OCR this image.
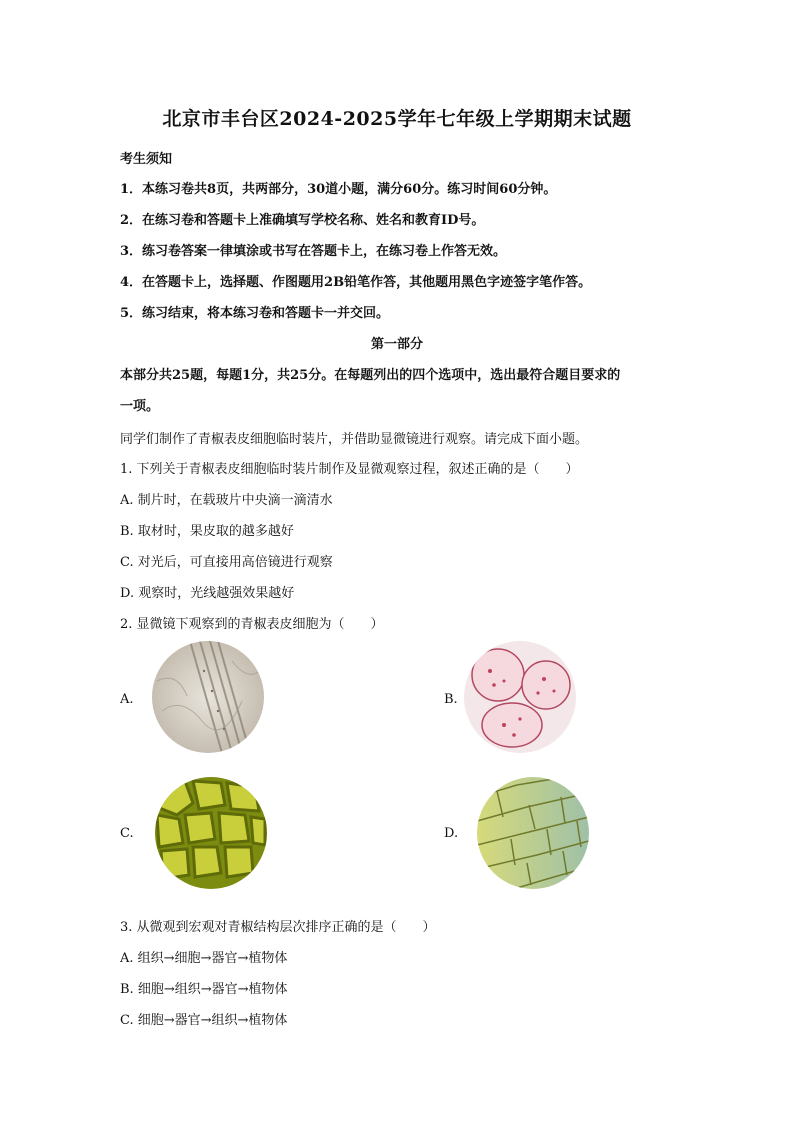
北京市丰台区2024-2025学年七年级上学期期末试题
考生须知
1．本练习卷共8页，共两部分，30道小题，满分60分。练习时间60分钟。
2．在练习卷和答题卡上准确填写学校名称、姓名和教育ID号。
3．练习卷答案一律填涂或书写在答题卡上，在练习卷上作答无效。
4．在答题卡上，选择题、作图题用2B铅笔作答，其他题用黑色字迹签字笔作答。
5．练习结束，将本练习卷和答题卡一并交回。
第一部分
本部分共25题，每题1分，共25分。在每题列出的四个选项中，选出最符合题目要求的
一项。
同学们制作了青椒表皮细胞临时装片，并借助显微镜进行观察。请完成下面小题。
1. 下列关于青椒表皮细胞临时装片制作及显微观察过程，叙述正确的是（　　）
A. 制片时，在载玻片中央滴一滴清水
B. 取材时，果皮取的越多越好
C. 对光后，可直接用高倍镜进行观察
D. 观察时，光线越强效果越好
2. 显微镜下观察到的青椒表皮细胞为（　　）
A.	B.
C.	D.
3. 从微观到宏观对青椒结构层次排序正确的是（　　）
A. 组织→细胞→器官→植物体
B. 细胞→组织→器官→植物体
C. 细胞→器官→组织→植物体
